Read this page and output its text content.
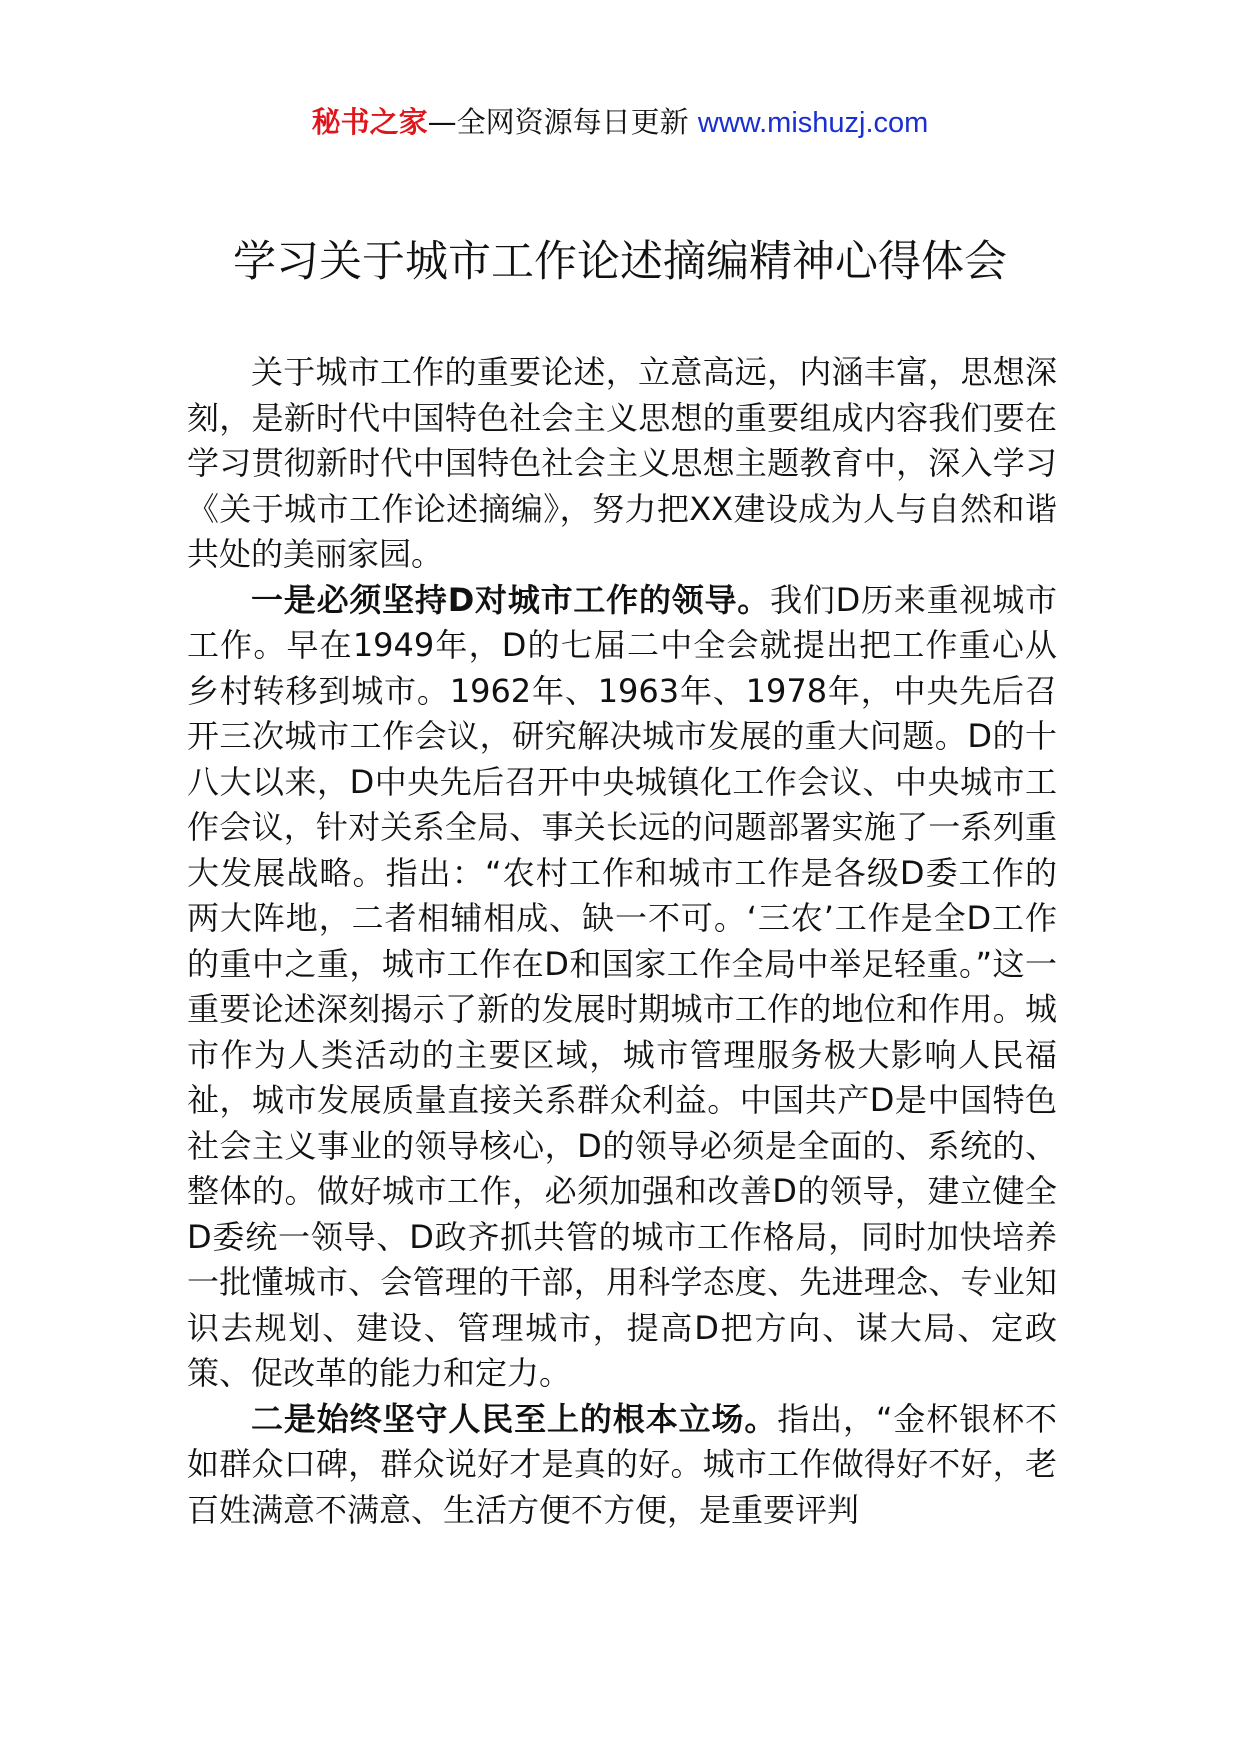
秘书之家—全网资源每日更新 www.mishuzj.com
学习关于城市工作论述摘编精神心得体会

关于城市工作的重要论述，立意高远，内涵丰富，思想深刻，是新时代中国特色社会主义思想的重要组成内容我们要在学习贯彻新时代中国特色社会主义思想主题教育中，深入学习《关于城市工作论述摘编》，努力把XX建设成为人与自然和谐共处的美丽家园。

一是必须坚持D对城市工作的领导。我们D历来重视城市工作。早在1949年，D的七届二中全会就提出把工作重心从乡村转移到城市。1962年、1963年、1978年，中央先后召开三次城市工作会议，研究解决城市发展的重大问题。D的十八大以来，D中央先后召开中央城镇化工作会议、中央城市工作会议，针对关系全局、事关长远的问题部署实施了一系列重大发展战略。指出：“农村工作和城市工作是各级D委工作的两大阵地，二者相辅相成、缺一不可。‘三农’工作是全D工作的重中之重，城市工作在D和国家工作全局中举足轻重。”这一重要论述深刻揭示了新的发展时期城市工作的地位和作用。城市作为人类活动的主要区域，城市管理服务极大影响人民福祉，城市发展质量直接关系群众利益。中国共产D是中国特色社会主义事业的领导核心，D的领导必须是全面的、系统的、整体的。做好城市工作，必须加强和改善D的领导，建立健全D委统一领导、D政齐抓共管的城市工作格局，同时加快培养一批懂城市、会管理的干部，用科学态度、先进理念、专业知识去规划、建设、管理城市，提高D把方向、谋大局、定政策、促改革的能力和定力。

二是始终坚守人民至上的根本立场。指出，“金杯银杯不如群众口碑，群众说好才是真的好。城市工作做得好不好，老百姓满意不满意、生活方便不方便，是重要评判
